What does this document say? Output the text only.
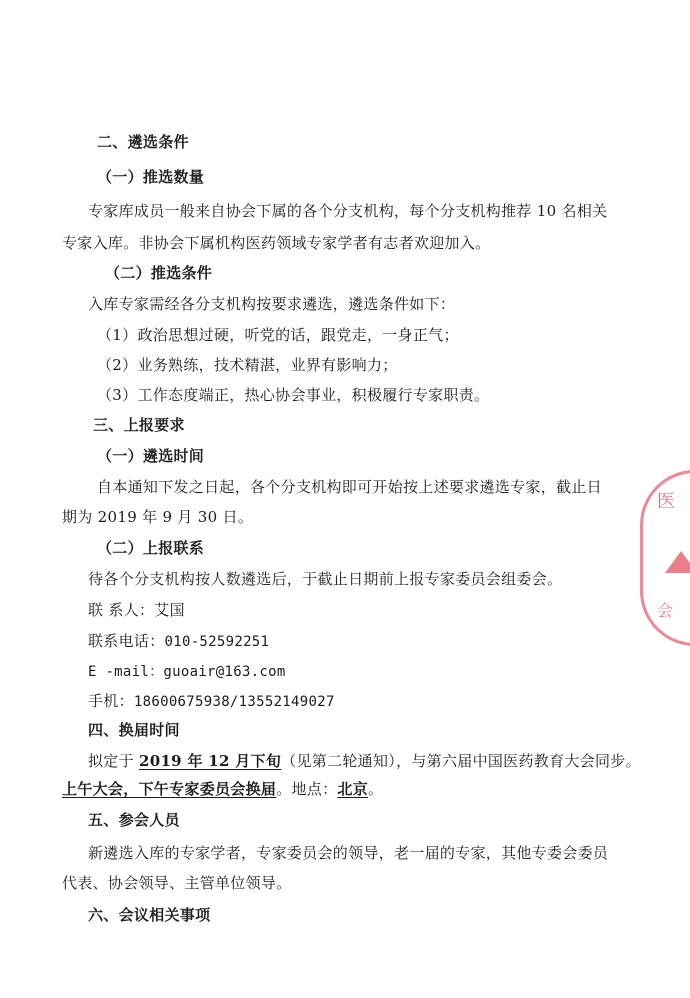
二、遴选条件
（一）推选数量
专家库成员一般来自协会下属的各个分支机构，每个分支机构推荐 10 名相关
专家入库。非协会下属机构医药领域专家学者有志者欢迎加入。
（二）推选条件
入库专家需经各分支机构按要求遴选，遴选条件如下：
（1）政治思想过硬，听党的话，跟党走，一身正气；
（2）业务熟练，技术精湛，业界有影响力；
（3）工作态度端正，热心协会事业，积极履行专家职责。
三、上报要求
（一）遴选时间
自本通知下发之日起，各个分支机构即可开始按上述要求遴选专家，截止日
期为 2019 年 9 月 30 日。
（二）上报联系
待各个分支机构按人数遴选后，于截止日期前上报专家委员会组委会。
联 系人：艾国
联系电话：010-52592251
E -mail：guoair@163.com
手机：18600675938/13552149027
四、换届时间
拟定于 2019 年 12 月下旬（见第二轮通知），与第六届中国医药教育大会同步。
上午大会，下午专家委员会换届。地点：北京。
五、参会人员
新遴选入库的专家学者，专家委员会的领导，老一届的专家，其他专委会委员
代表、协会领导、主管单位领导。
六、会议相关事项
医
会
